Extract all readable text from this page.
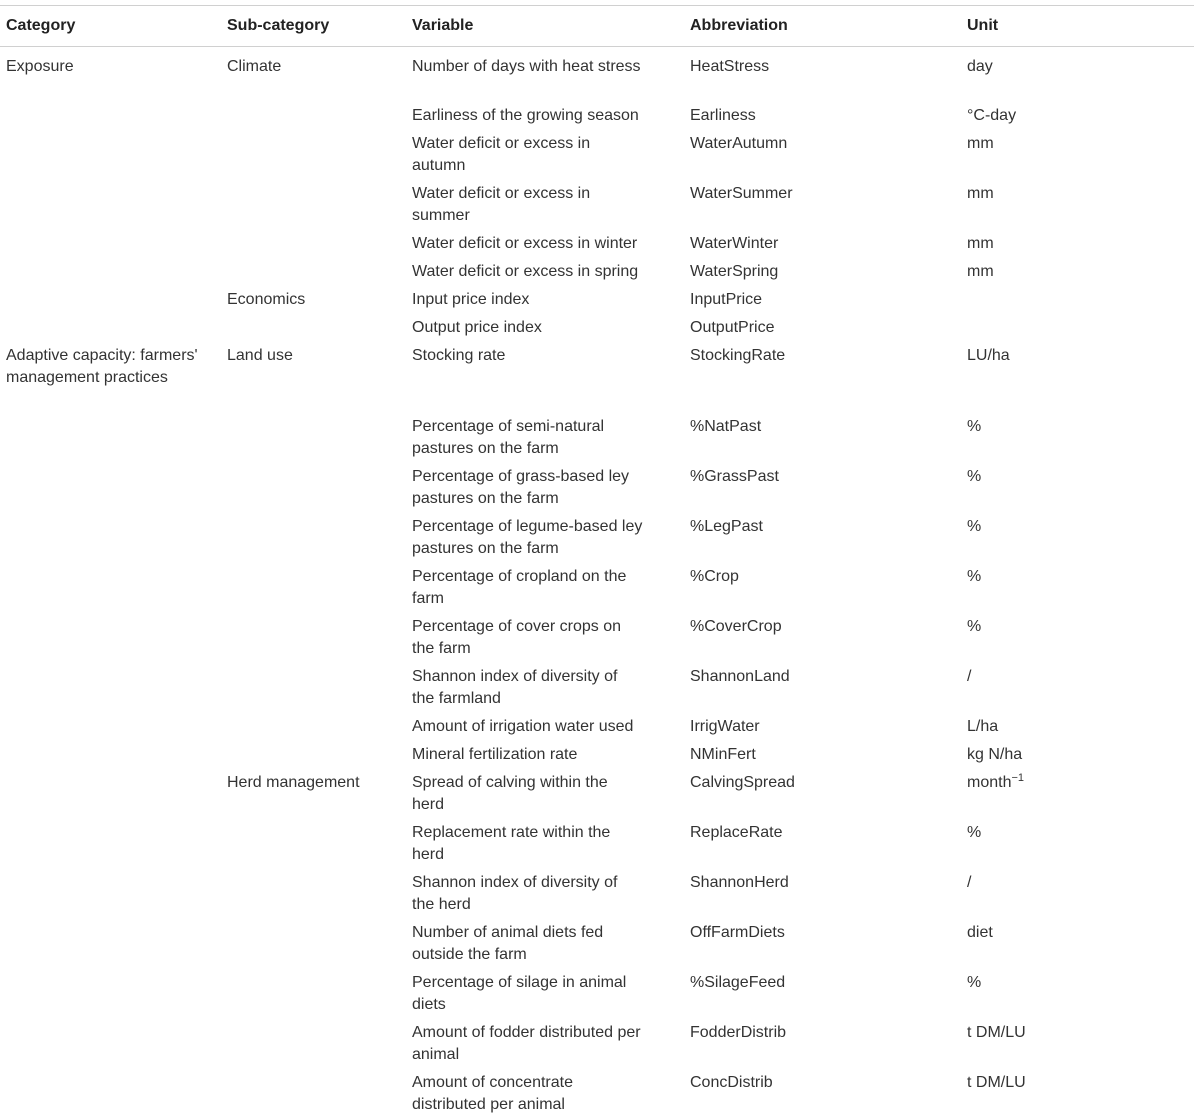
Category	Sub-category	Variable	Abbreviation	Unit
Exposure	Climate	Number of days with heat stress	HeatStress	day
		Earliness of the growing season	Earliness	°C-day
		Water deficit or excess in autumn	WaterAutumn	mm
		Water deficit or excess in summer	WaterSummer	mm
		Water deficit or excess in winter	WaterWinter	mm
		Water deficit or excess in spring	WaterSpring	mm
	Economics	Input price index	InputPrice	
		Output price index	OutputPrice	
Adaptive capacity: farmers' management practices	Land use	Stocking rate	StockingRate	LU/ha
		Percentage of semi-natural pastures on the farm	%NatPast	%
		Percentage of grass-based ley pastures on the farm	%GrassPast	%
		Percentage of legume-based ley pastures on the farm	%LegPast	%
		Percentage of cropland on the farm	%Crop	%
		Percentage of cover crops on the farm	%CoverCrop	%
		Shannon index of diversity of the farmland	ShannonLand	/
		Amount of irrigation water used	IrrigWater	L/ha
		Mineral fertilization rate	NMinFert	kg N/ha
	Herd management	Spread of calving within the herd	CalvingSpread	month$^{-1}$
		Replacement rate within the herd	ReplaceRate	%
		Shannon index of diversity of the herd	ShannonHerd	/
		Number of animal diets fed outside the farm	OffFarmDiets	diet
		Percentage of silage in animal diets	%SilageFeed	%
		Amount of fodder distributed per animal	FodderDistrib	t DM/LU
		Amount of concentrate distributed per animal	ConcDistrib	t DM/LU
